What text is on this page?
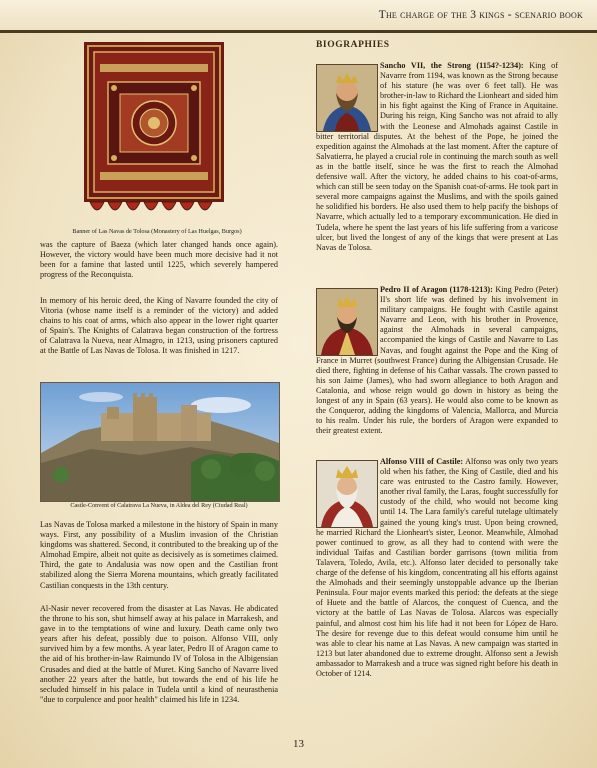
The charge of the 3 kings - scenario book
Banner of Las Navas de Tolosa (Monastery of Las Huelgas, Burgos)

was the capture of Baeza (which later changed hands once again). However, the victory would have been much more decisive had it not been for a famine that lasted until 1225, which severely hampered progress of the Reconquista.

In memory of his heroic deed, the King of Navarre founded the city of Vitoria (whose name itself is a reminder of the victory) and added chains to his coat of arms, which also appear in the lower right quarter of Spain's. The Knights of Calatrava began construction of the fortress of Calatrava la Nueva, near Almagro, in 1213, using prisoners captured at the Battle of Las Navas de Tolosa. It was finished in 1217.

Castle-Convent of Calatrava La Nueva, in Aldea del Rey (Ciudad Real)

Las Navas de Tolosa marked a milestone in the history of Spain in many ways. First, any possibility of a Muslim invasion of the Christian kingdoms was shattered. Second, it contributed to the breaking up of the Almohad Empire, albeit not quite as decisively as is sometimes claimed. Third, the gate to Andalusia was now open and the Castilian front stabilized along the Sierra Morena mountains, which greatly facilitated Castilian conquests in the 13th century.

Al-Nasir never recovered from the disaster at Las Navas. He abdicated the throne to his son, shut himself away at his palace in Marrakesh, and gave in to the temptations of wine and luxury. Death came only two years after his defeat, possibly due to poison. Alfonso VIII, only survived him by a few months. A year later, Pedro II of Aragon came to the aid of his brother-in-law Raimundo IV of Tolosa in the Albigensian Crusades and died at the battle of Muret. King Sancho of Navarre lived another 22 years after the battle, but towards the end of his life he secluded himself in his palace in Tudela until a kind of neurasthenia "due to corpulence and poor health" claimed his life in 1234.

BIOGRAPHIES
Sancho VII, the Strong (1154?-1234): King of Navarre from 1194, was known as the Strong because of his stature (he was over 6 feet tall). He was brother-in-law to Richard the Lionheart and sided him in his fight against the King of France in Aquitaine. During his reign, King Sancho was not afraid to ally with the Leonese and Almohads against Castile in bitter territorial disputes. At the behest of the Pope, he joined the expedition against the Almohads at the last moment. After the capture of Salvatierra, he played a crucial role in continuing the march south as well as in the battle itself, since he was the first to reach the Almohad defensive wall. After the victory, he added chains to his coat-of-arms, which can still be seen today on the Spanish coat-of-arms. He took part in several more campaigns against the Muslims, and with the spoils gained he solidified his borders. He also used them to help pacify the bishops of Navarre, which actually led to a temporary excommunication. He died in Tudela, where he spent the last years of his life suffering from a varicose ulcer, but lived the longest of any of the kings that were present at Las Navas de Tolosa.
Pedro II of Aragon (1178-1213): King Pedro (Peter) II's short life was defined by his involvement in military campaigns. He fought with Castile against Navarre and Leon, with his brother in Provence, against the Almohads in several campaigns, accompanied the kings of Castile and Navarre to Las Navas, and fought against the Pope and the King of France in Murret (southwest France) during the Albigensian Crusade. He died there, fighting in defense of his Cathar vassals. The crown passed to his son Jaime (James), who had sworn allegiance to both Aragon and Catalonia, and whose reign would go down in history as being the longest of any in Spain (63 years). He would also come to be known as the Conqueror, adding the kingdoms of Valencia, Mallorca, and Murcia to his realm. Under his rule, the borders of Aragon were expanded to their greatest extent.
Alfonso VIII of Castile: Alfonso was only two years old when his father, the King of Castile, died and his care was entrusted to the Castro family. However, another rival family, the Laras, fought successfully for custody of the child, who would not become king until 14. The Lara family's careful tutelage ultimately gained the young king's trust. Upon being crowned, he married Richard the Lionheart's sister, Leonor. Meanwhile, Almohad power continued to grow, as all they had to contend with were the individual Taifas and Castilian border garrisons (town militia from Talavera, Toledo, Avila, etc.). Alfonso later decided to personally take charge of the defense of his kingdom, concentrating all his efforts against the Almohads and their seemingly unstoppable advance up the Iberian Peninsula. Four major events marked this period: the defeats at the siege of Huete and the battle of Alarcos, the conquest of Cuenca, and the victory at the battle of Las Navas de Tolosa. Alarcos was especially painful, and almost cost him his life had it not been for López de Haro. The desire for revenge due to this defeat would consume him until he was able to clear his name at Las Navas. A new campaign was started in 1213 but later abandoned due to extreme drought. Alfonso sent a Jewish ambassador to Marrakesh and a truce was signed right before his death in October of 1214.
13
